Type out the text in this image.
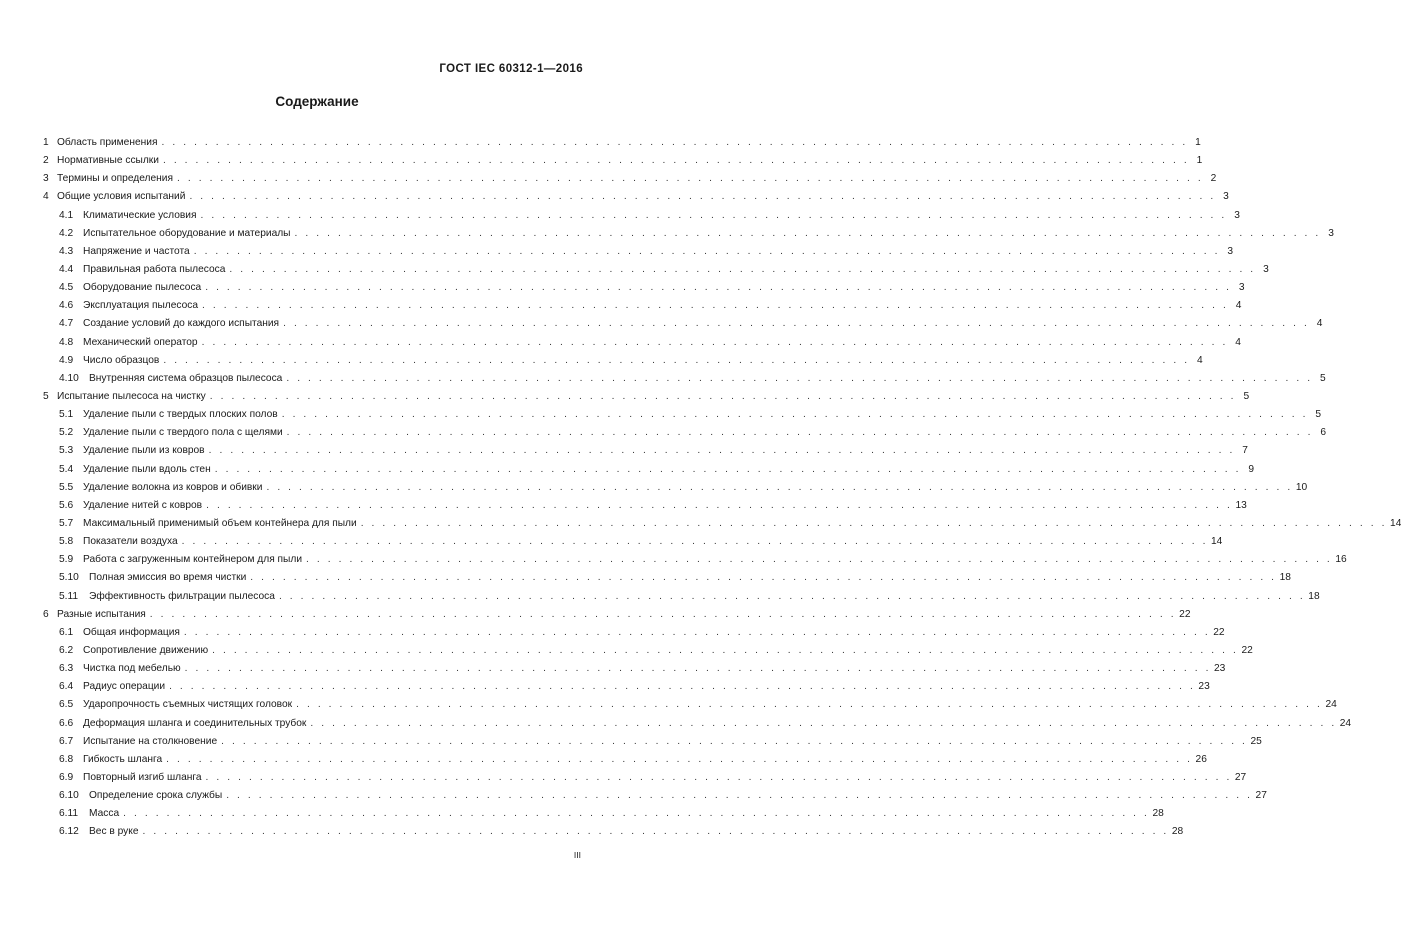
ГОСТ IEC 60312-1—2016
Содержание
1 Область применения . . .	1
2 Нормативные ссылки . . .	1
3 Термины и определения . . .	2
4 Общие условия испытаний . . .	3
4.1 Климатические условия . . .	3
4.2 Испытательное оборудование и материалы . . .	3
4.3 Напряжение и частота . . .	3
4.4 Правильная работа пылесоса . . .	3
4.5 Оборудование пылесоса . . .	3
4.6 Эксплуатация пылесоса . . .	4
4.7 Создание условий до каждого испытания . . .	4
4.8 Механический оператор . . .	4
4.9 Число образцов . . .	4
4.10 Внутренняя система образцов пылесоса . . .	5
5 Испытание пылесоса на чистку . . .	5
5.1 Удаление пыли с твердых плоских полов . . .	5
5.2 Удаление пыли с твердого пола с щелями . . .	6
5.3 Удаление пыли из ковров . . .	7
5.4 Удаление пыли вдоль стен . . .	9
5.5 Удаление волокна из ковров и обивки . . .	10
5.6 Удаление нитей с ковров . . .	13
5.7 Максимальный применимый объем контейнера для пыли . . .	14
5.8 Показатели воздуха . . .	14
5.9 Работа с загруженным контейнером для пыли . . .	16
5.10 Полная эмиссия во время чистки . . .	18
5.11	Эффективность фильтрации пылесоса . . .	18
6 Разные испытания . . .	22
6.1 Общая информация . . .	22
6.2 Сопротивление движению . . .	22
6.3 Чистка под мебелью . . .	23
6.4 Радиус операции . . .	23
6.5 Ударопрочность съемных чистящих головок . . .	24
6.6 Деформация шланга и соединительных трубок . . .	24
6.7 Испытание на столкновение . . .	25
6.8 Гибкость шланга . . .	26
6.9 Повторный изгиб шланга . . .	27
6.10 Определение срока службы . . .	27
6.11	Масса . . .	28
6.12 Вес в руке . . .	28
III
